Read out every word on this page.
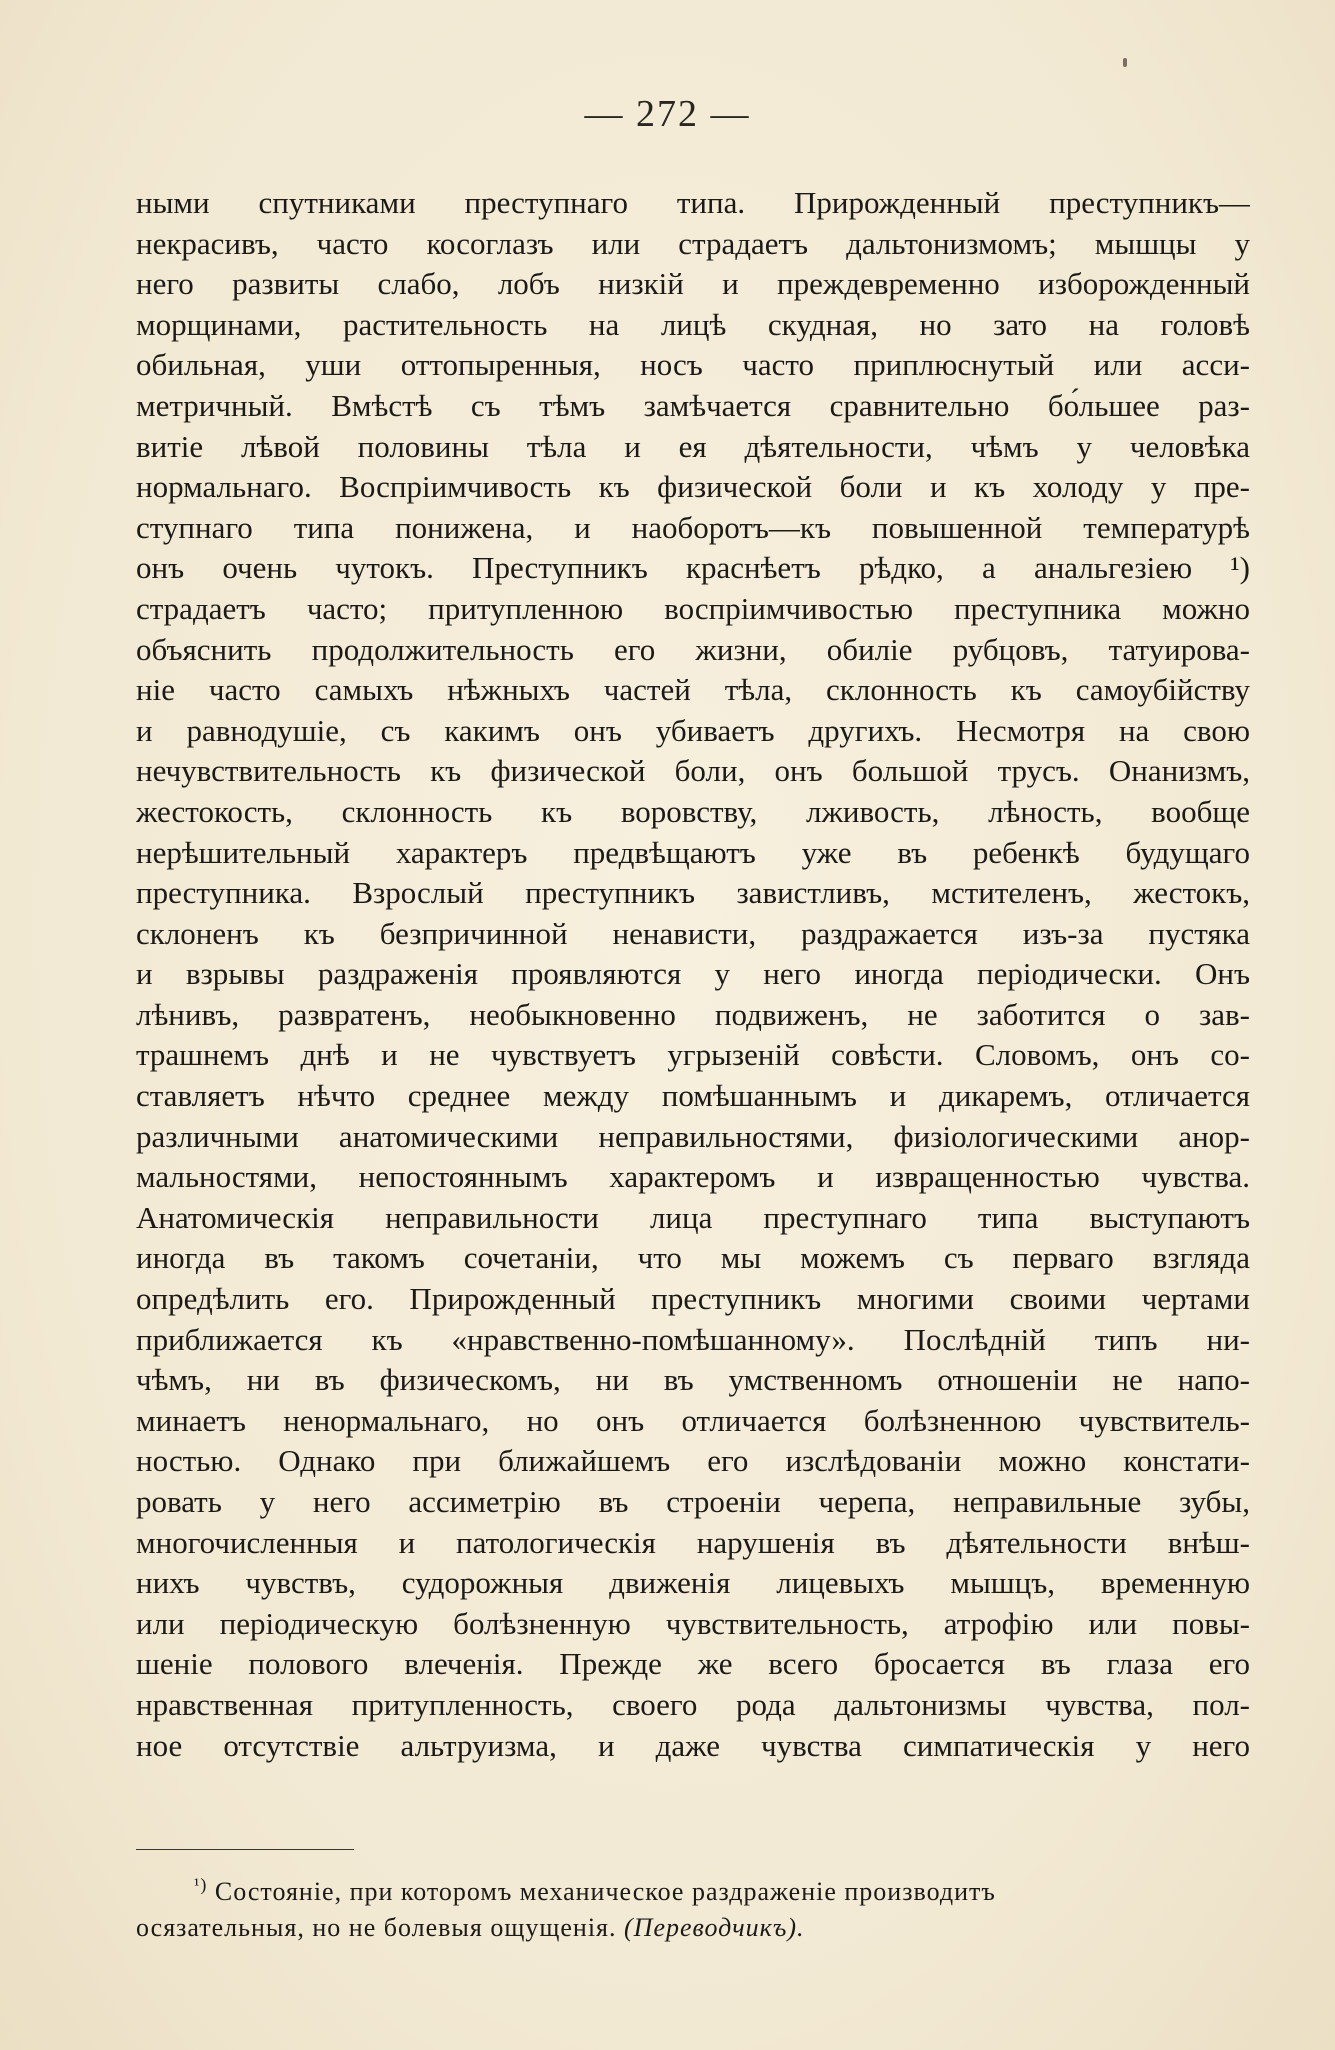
— 272 —
ными спутниками преступнаго типа. Прирожденный преступникъ—
некрасивъ, часто косоглазъ или страдаетъ дальтонизмомъ; мышцы у
него развиты слабо, лобъ низкій и преждевременно изборожденный
морщинами, растительность на лицѣ скудная, но зато на головѣ
обильная, уши оттопыренныя, носъ часто приплюснутый или асси-
метричный. Вмѣстѣ съ тѣмъ замѣчается сравнительно бо́льшее раз-
витіе лѣвой половины тѣла и ея дѣятельности, чѣмъ у человѣка
нормальнаго. Воспріимчивость къ физической боли и къ холоду у пре-
ступнаго типа понижена, и наоборотъ—къ повышенной температурѣ
онъ очень чутокъ. Преступникъ краснѣетъ рѣдко, а анальгезіею ¹)
страдаетъ часто; притупленною воспріимчивостью преступника можно
объяснить продолжительность его жизни, обиліе рубцовъ, татуирова-
ніе часто самыхъ нѣжныхъ частей тѣла, склонность къ самоубійству
и равнодушіе, съ какимъ онъ убиваетъ другихъ. Несмотря на свою
нечувствительность къ физической боли, онъ большой трусъ. Онанизмъ,
жестокость, склонность къ воровству, лживость, лѣность, вообще
нерѣшительный характеръ предвѣщаютъ уже въ ребенкѣ будущаго
преступника. Взрослый преступникъ завистливъ, мстителенъ, жестокъ,
склоненъ къ безпричинной ненависти, раздражается изъ-за пустяка
и взрывы раздраженія проявляются у него иногда періодически. Онъ
лѣнивъ, развратенъ, необыкновенно подвиженъ, не заботится о зав-
трашнемъ днѣ и не чувствуетъ угрызеній совѣсти. Словомъ, онъ со-
ставляетъ нѣчто среднее между помѣшаннымъ и дикаремъ, отличается
различными анатомическими неправильностями, физіологическими анор-
мальностями, непостояннымъ характеромъ и извращенностью чувства.
Анатомическія неправильности лица преступнаго типа выступаютъ
иногда въ такомъ сочетаніи, что мы можемъ съ перваго взгляда
опредѣлить его. Прирожденный преступникъ многими своими чертами
приближается къ «нравственно-помѣшанному». Послѣдній типъ ни-
чѣмъ, ни въ физическомъ, ни въ умственномъ отношеніи не напо-
минаетъ ненормальнаго, но онъ отличается болѣзненною чувствитель-
ностью. Однако при ближайшемъ его изслѣдованіи можно констати-
ровать у него ассиметрію въ строеніи черепа, неправильные зубы,
многочисленныя и патологическія нарушенія въ дѣятельности внѣш-
нихъ чувствъ, судорожныя движенія лицевыхъ мышцъ, временную
или періодическую болѣзненную чувствительность, атрофію или повы-
шеніе полового влеченія. Прежде же всего бросается въ глаза его
нравственная притупленность, своего рода дальтонизмы чувства, пол-
ное отсутствіе альтруизма, и даже чувства симпатическія у него
$^{^1)}$ Состояніе, при которомъ механическое раздраженіе производитъ
осязательныя, но не болевыя ощущенія. (Переводчикъ).
